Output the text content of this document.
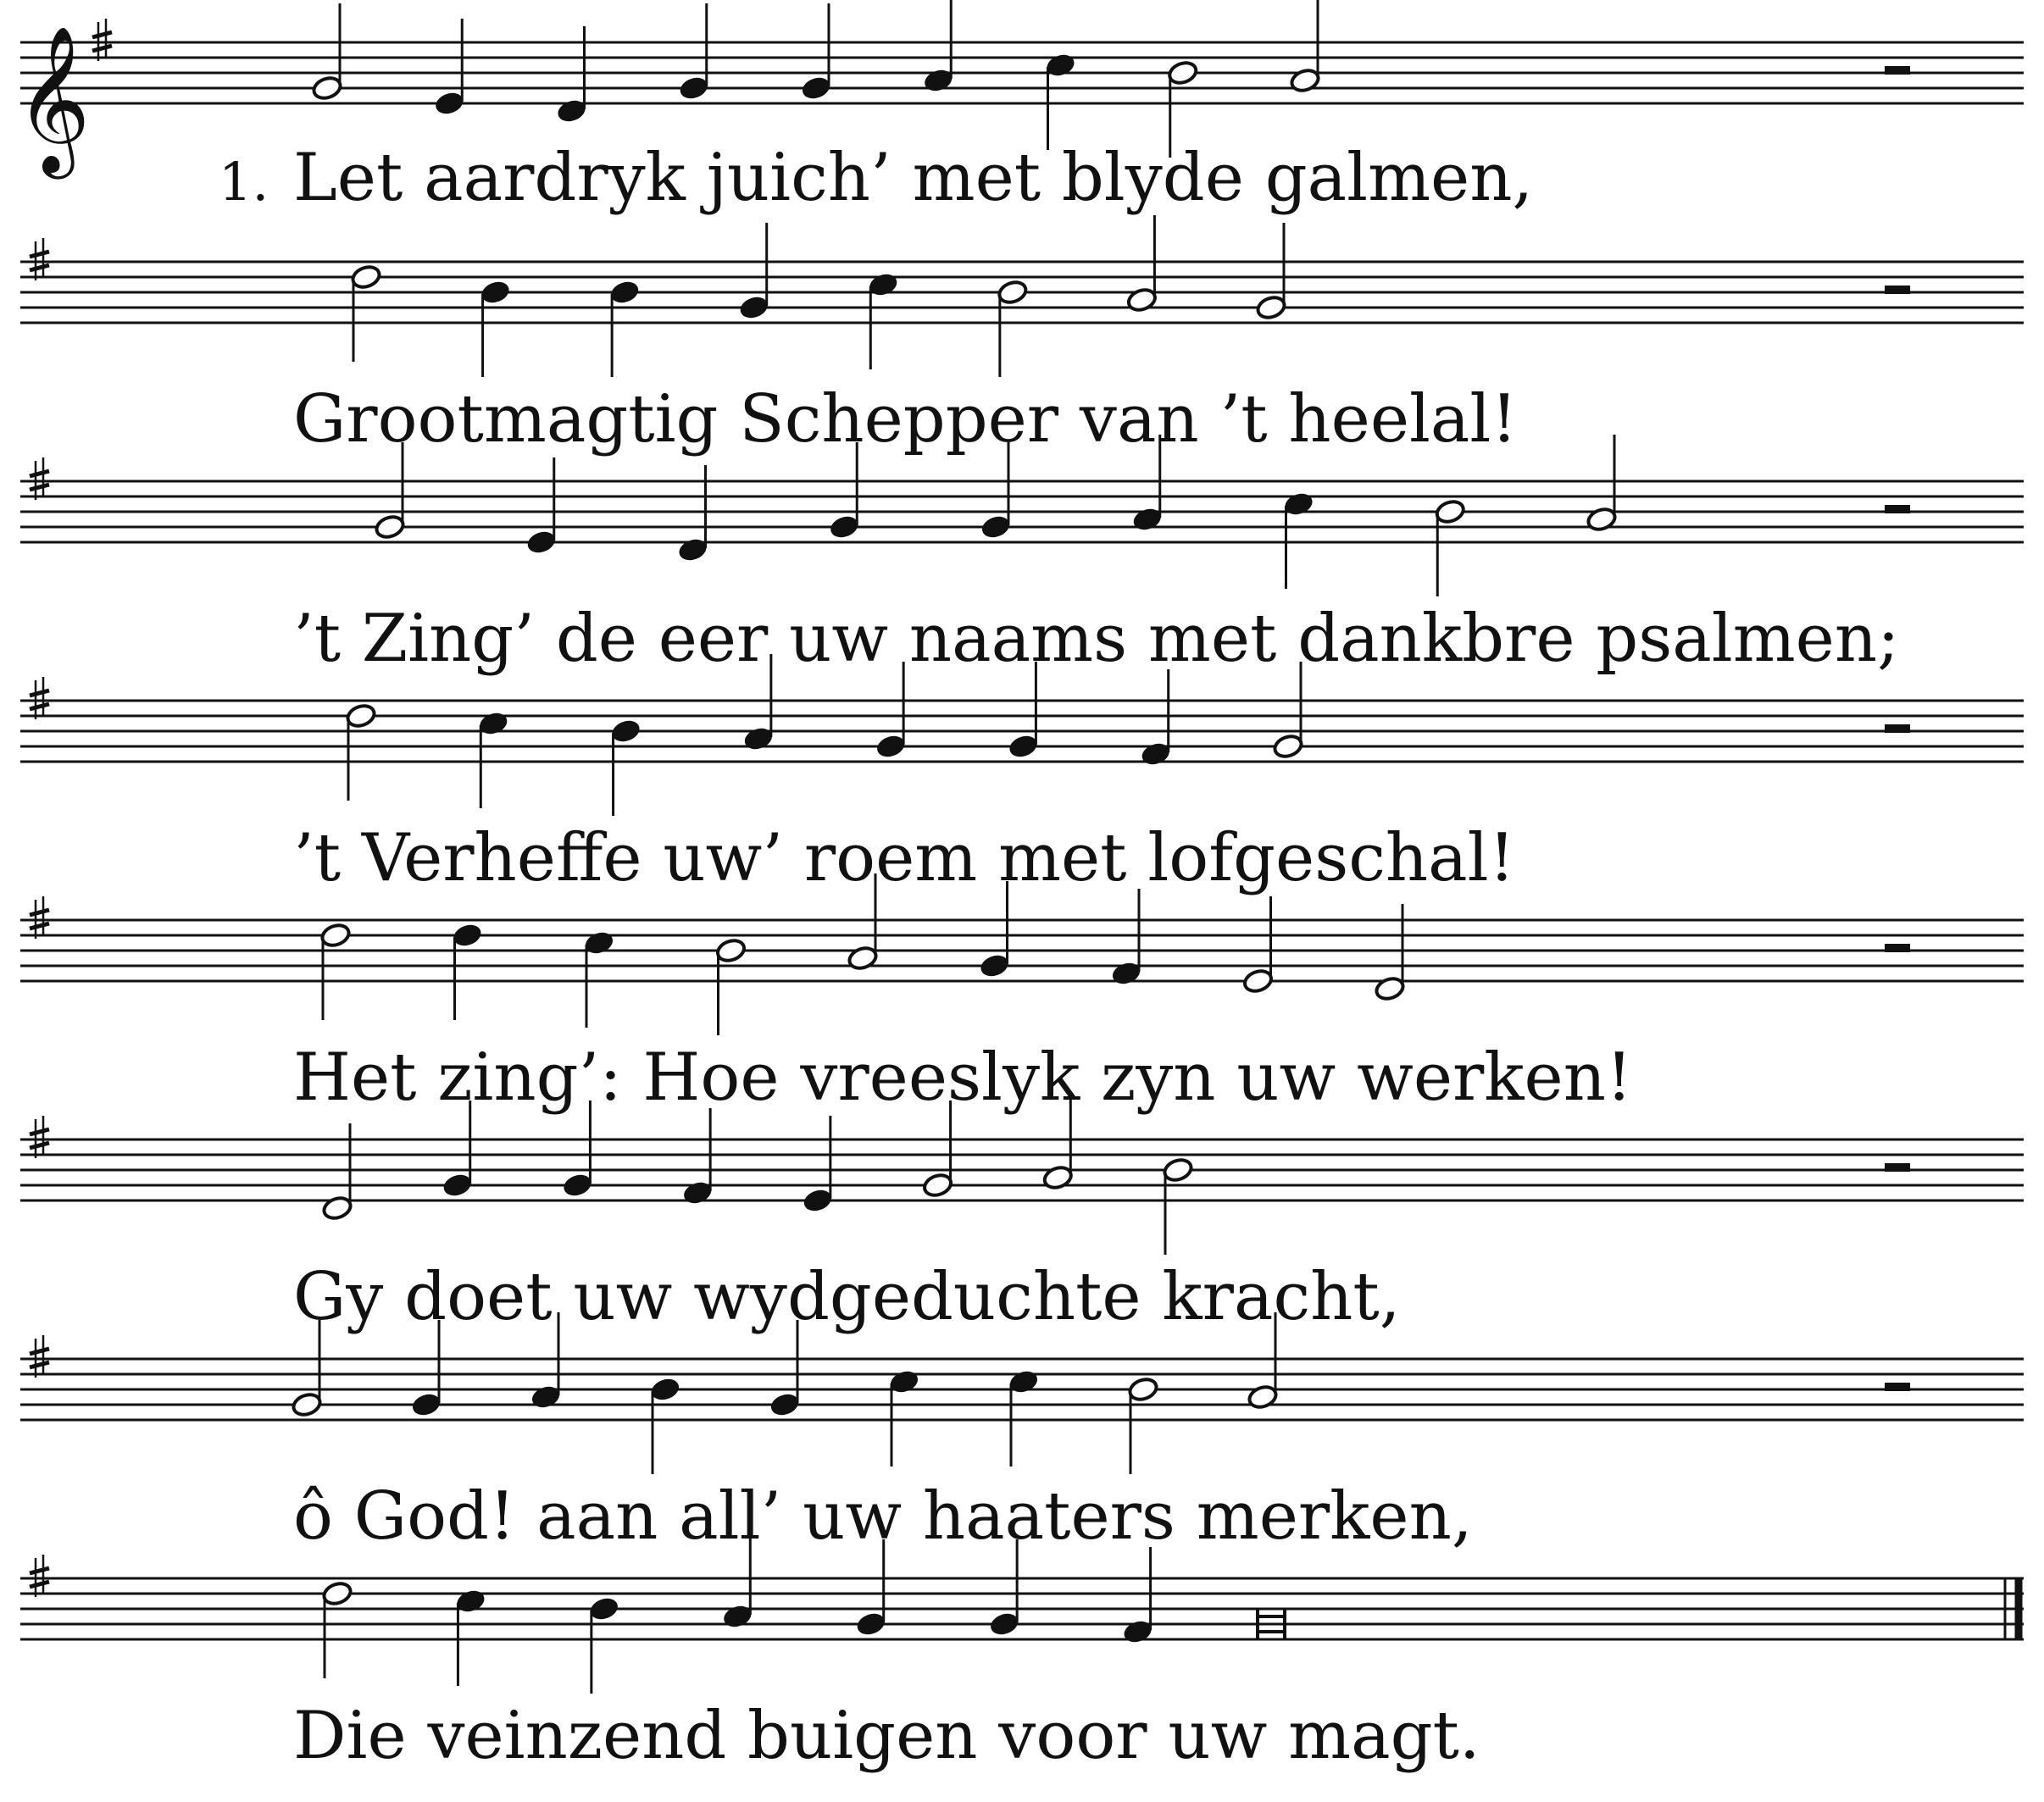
𝄞
1. Let aardryk juich’ met blyde galmen,
Grootmagtig Schepper van ’t heelal!
’t Zing’ de eer uw naams met dankbre psalmen;
’t Verheffe uw’ roem met lofgeschal!
Het zing’: Hoe vreeslyk zyn uw werken!
Gy doet uw wydgeduchte kracht,
ô God! aan all’ uw haaters merken,
Die veinzend buigen voor uw magt.
